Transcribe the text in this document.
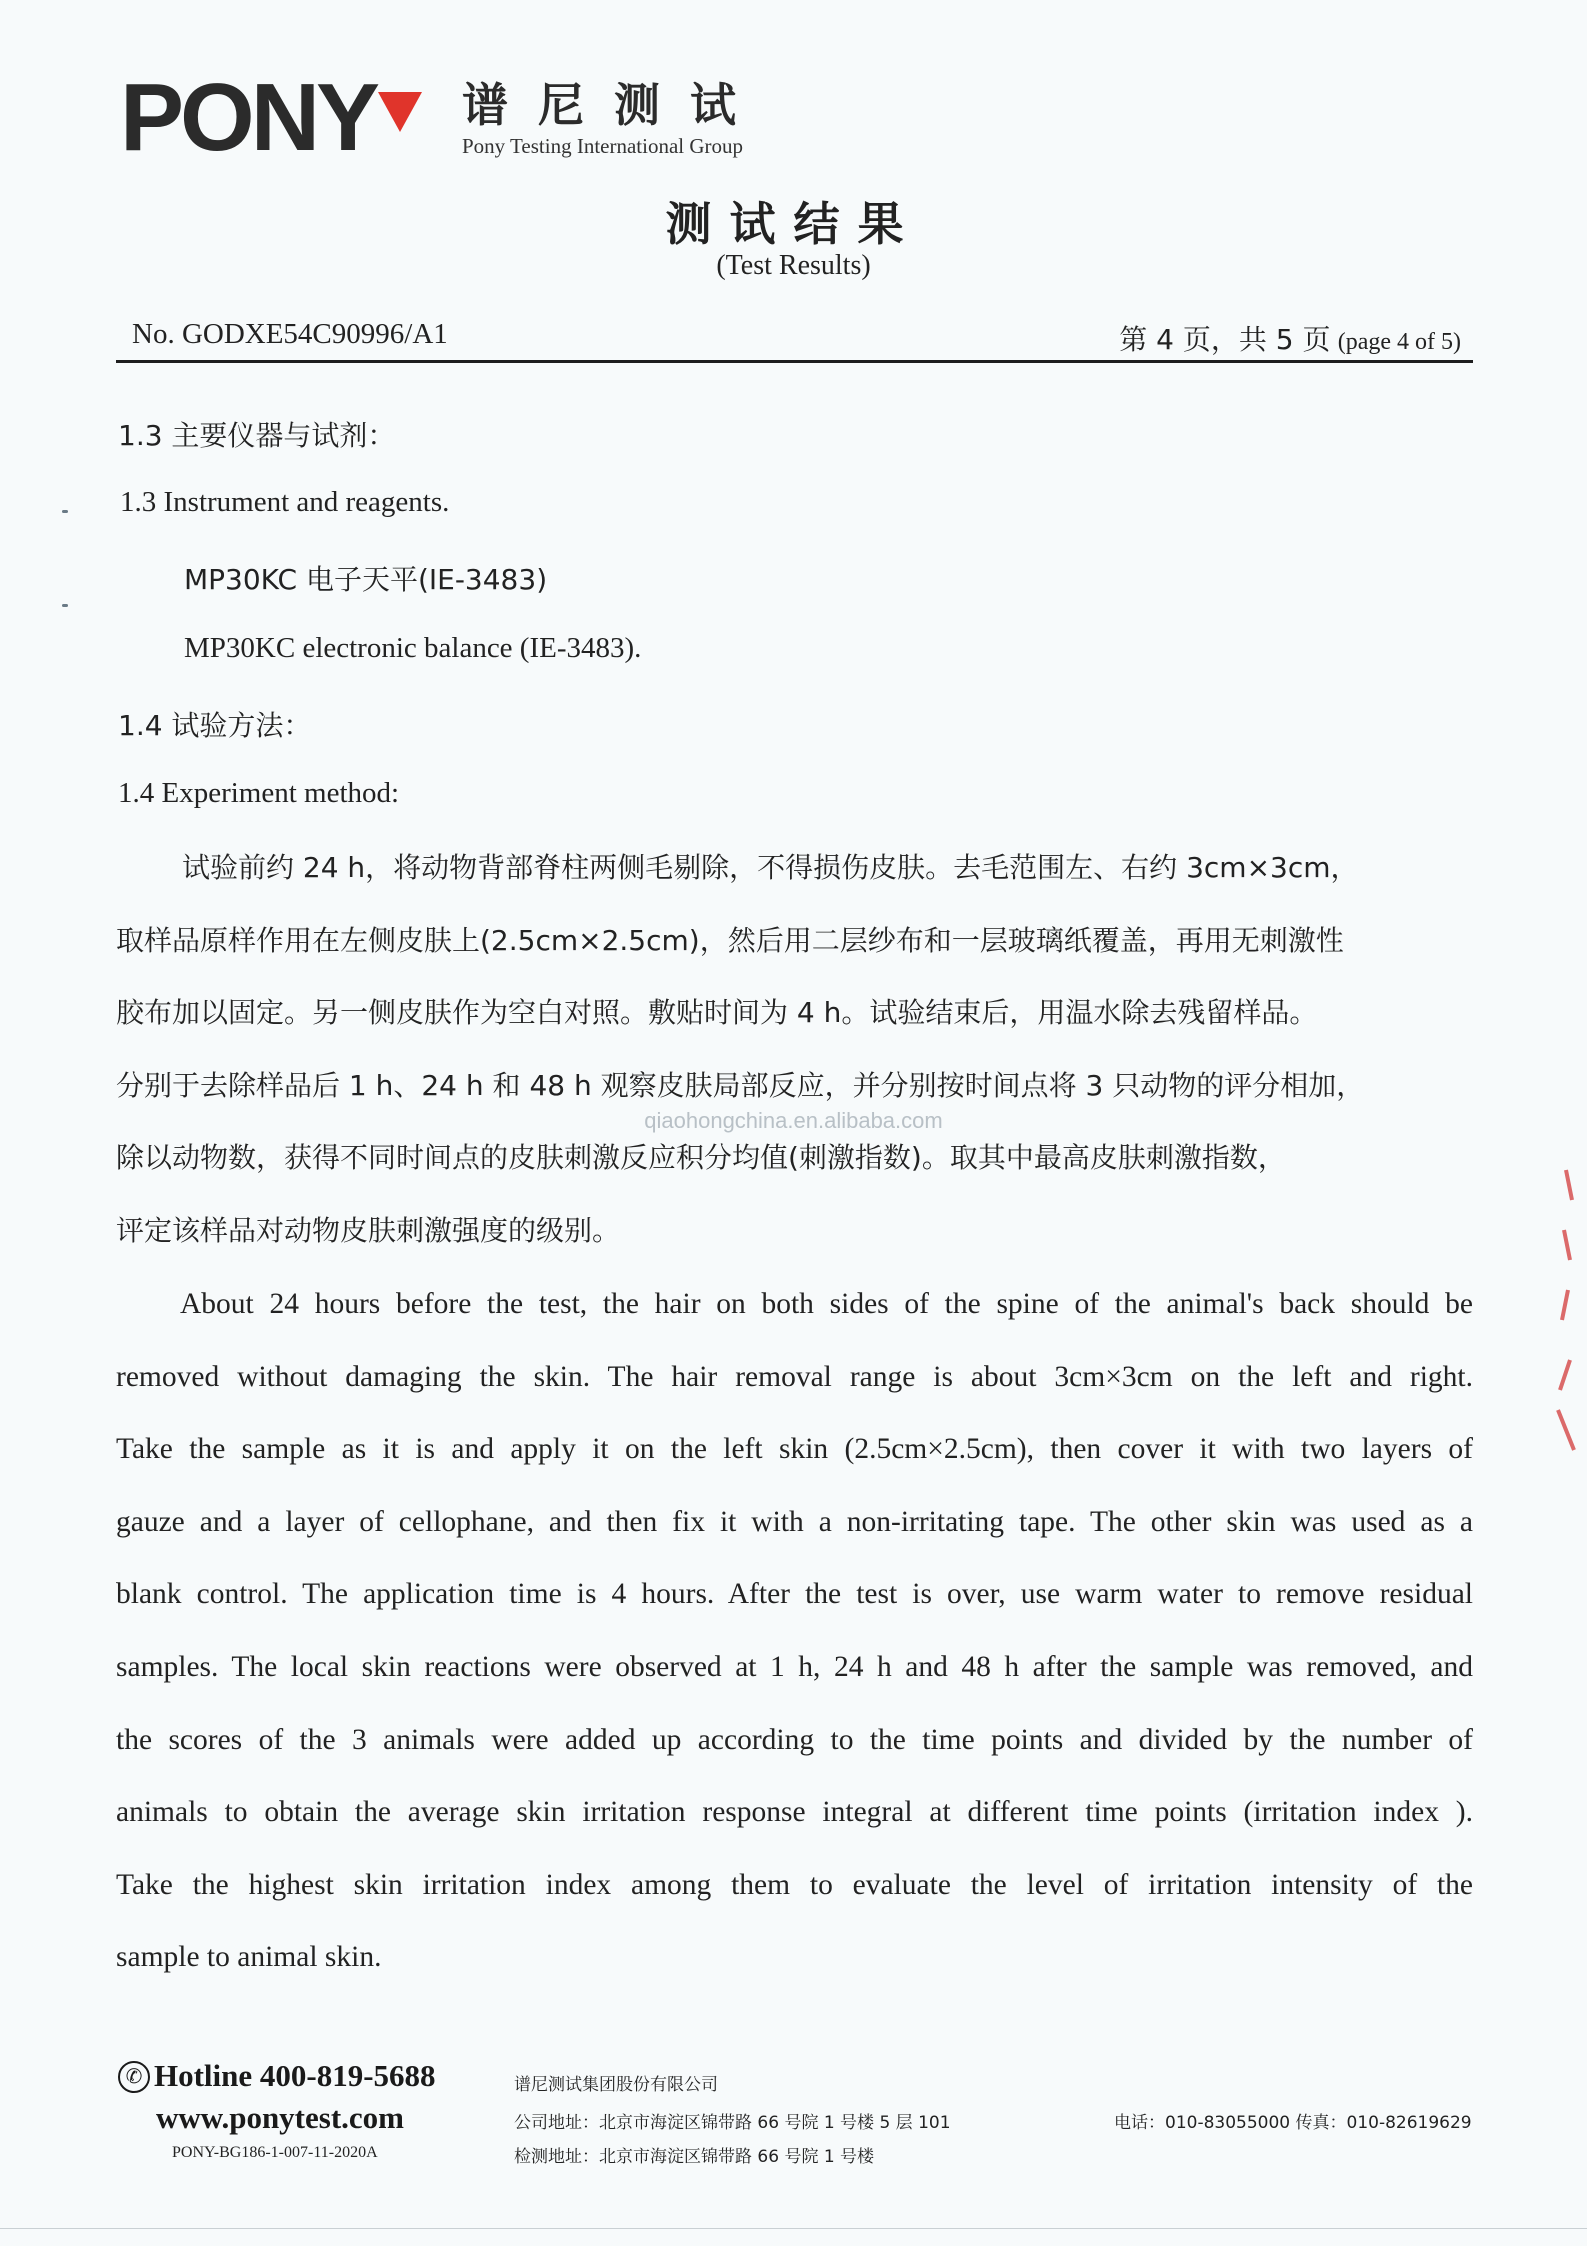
PONY 谱尼测试
Pony Testing International Group
测试结果
(Test Results)
No. GODXE54C90996/A1	第 4 页，共 5 页 (page 4 of 5)
1.3 主要仪器与试剂：
1.3 Instrument and reagents.
MP30KC 电子天平(IE-3483)
MP30KC electronic balance (IE-3483).
1.4 试验方法：
1.4 Experiment method:
试验前约 24 h，将动物背部脊柱两侧毛剔除，不得损伤皮肤。去毛范围左、右约 3cm×3cm，
取样品原样作用在左侧皮肤上(2.5cm×2.5cm)，然后用二层纱布和一层玻璃纸覆盖，再用无刺激性
胶布加以固定。另一侧皮肤作为空白对照。敷贴时间为 4 h。试验结束后，用温水除去残留样品。
分别于去除样品后 1 h、24 h 和 48 h 观察皮肤局部反应，并分别按时间点将 3 只动物的评分相加，
除以动物数，获得不同时间点的皮肤刺激反应积分均值(刺激指数)。取其中最高皮肤刺激指数，
评定该样品对动物皮肤刺激强度的级别。
qiaohongchina.en.alibaba.com
About 24 hours before the test, the hair on both sides of the spine of the animal's back should be
removed without damaging the skin. The hair removal range is about 3cm×3cm on the left and right.
Take the sample as it is and apply it on the left skin (2.5cm×2.5cm), then cover it with two layers of
gauze and a layer of cellophane, and then fix it with a non-irritating tape. The other skin was used as a
blank control. The application time is 4 hours. After the test is over, use warm water to remove residual
samples. The local skin reactions were observed at 1 h, 24 h and 48 h after the sample was removed, and
the scores of the 3 animals were added up according to the time points and divided by the number of
animals to obtain the average skin irritation response integral at different time points (irritation index ).
Take the highest skin irritation index among them to evaluate the level of irritation intensity of the
sample to animal skin.
✆ Hotline 400-819-5688
www.ponytest.com
PONY-BG186-1-007-11-2020A
谱尼测试集团股份有限公司
公司地址：北京市海淀区锦带路 66 号院 1 号楼 5 层 101
检测地址：北京市海淀区锦带路 66 号院 1 号楼
电话：010-83055000 传真：010-82619629
